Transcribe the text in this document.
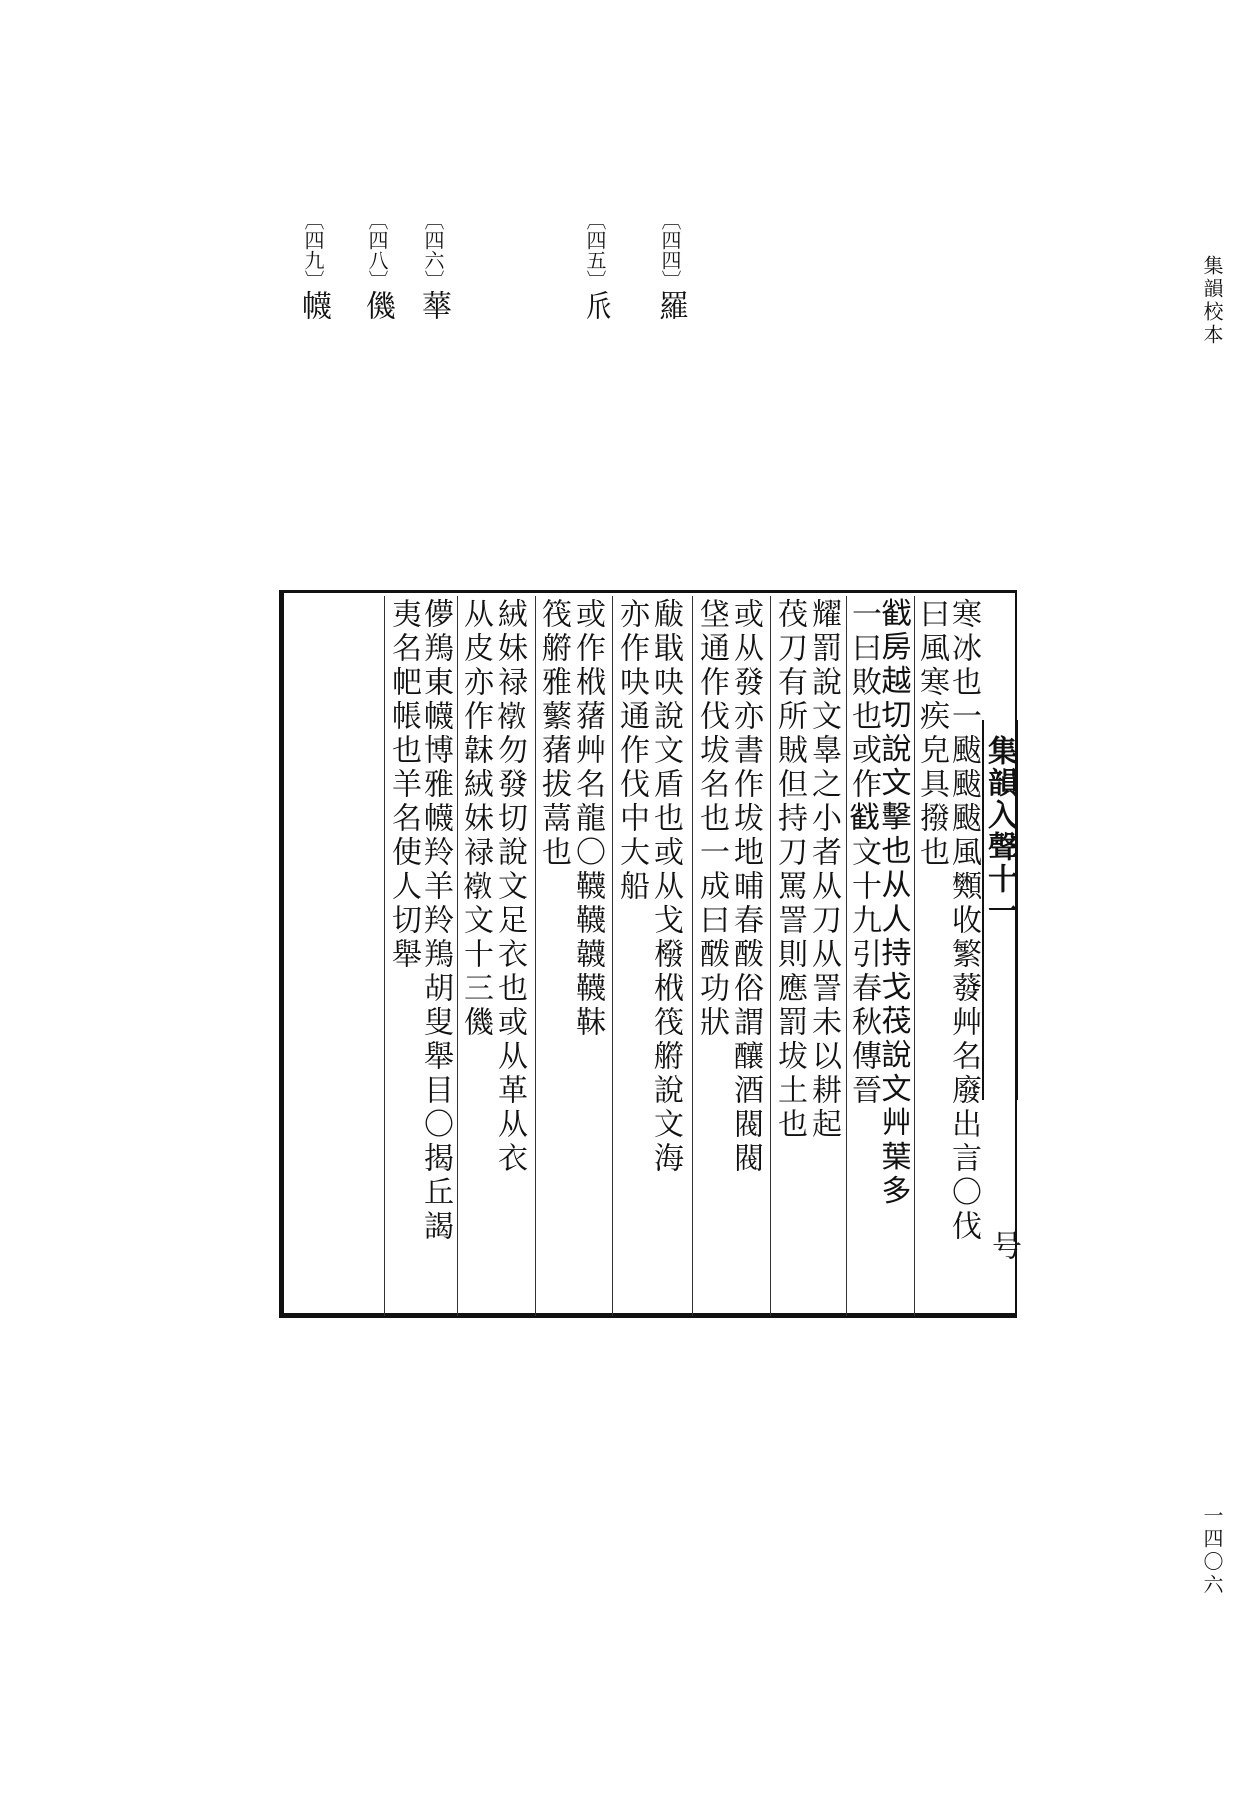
集韻校本
一四〇六
〔四四〕羅
〔四五〕𠂢
〔四六〕蕐
〔四八〕僟
〔四九〕幭
集韻入聲十一
号
寒冰也一颰颰颰風䫶收繁蕟艸名廢出言〇伐
曰風寒疾皃具撥也
𢧵房越切說文擊也从人持戈茷說文艸葉多
一曰敗也或作𢧵文十九引春秋傳晉
耀罰說文辠之小者从刀从詈未以耕起
茷刀有所賊但持刀罵詈則應罰坺土也
或从發亦書作坺地晡春酦俗謂釀酒閥閥
垡通作伐坺名也一成曰酦功狀
瞂戢吷說文盾也或从戈橃栰筏䒀說文海
亦作吷通作伐中大船
或作栰蕏艸名龍〇韈韈韤韈靺
筏䒀雅蘩蕏拔蒚也
絨妹䘵𧝋勿發切說文足衣也或从革从衣
从皮亦作韎絨妹䘵𧝋文十三僟
儚鴹東幭博雅幭羚羊羚鴹胡叟舉目〇揭丘謁
夷名帊帳也羊名使人切舉
